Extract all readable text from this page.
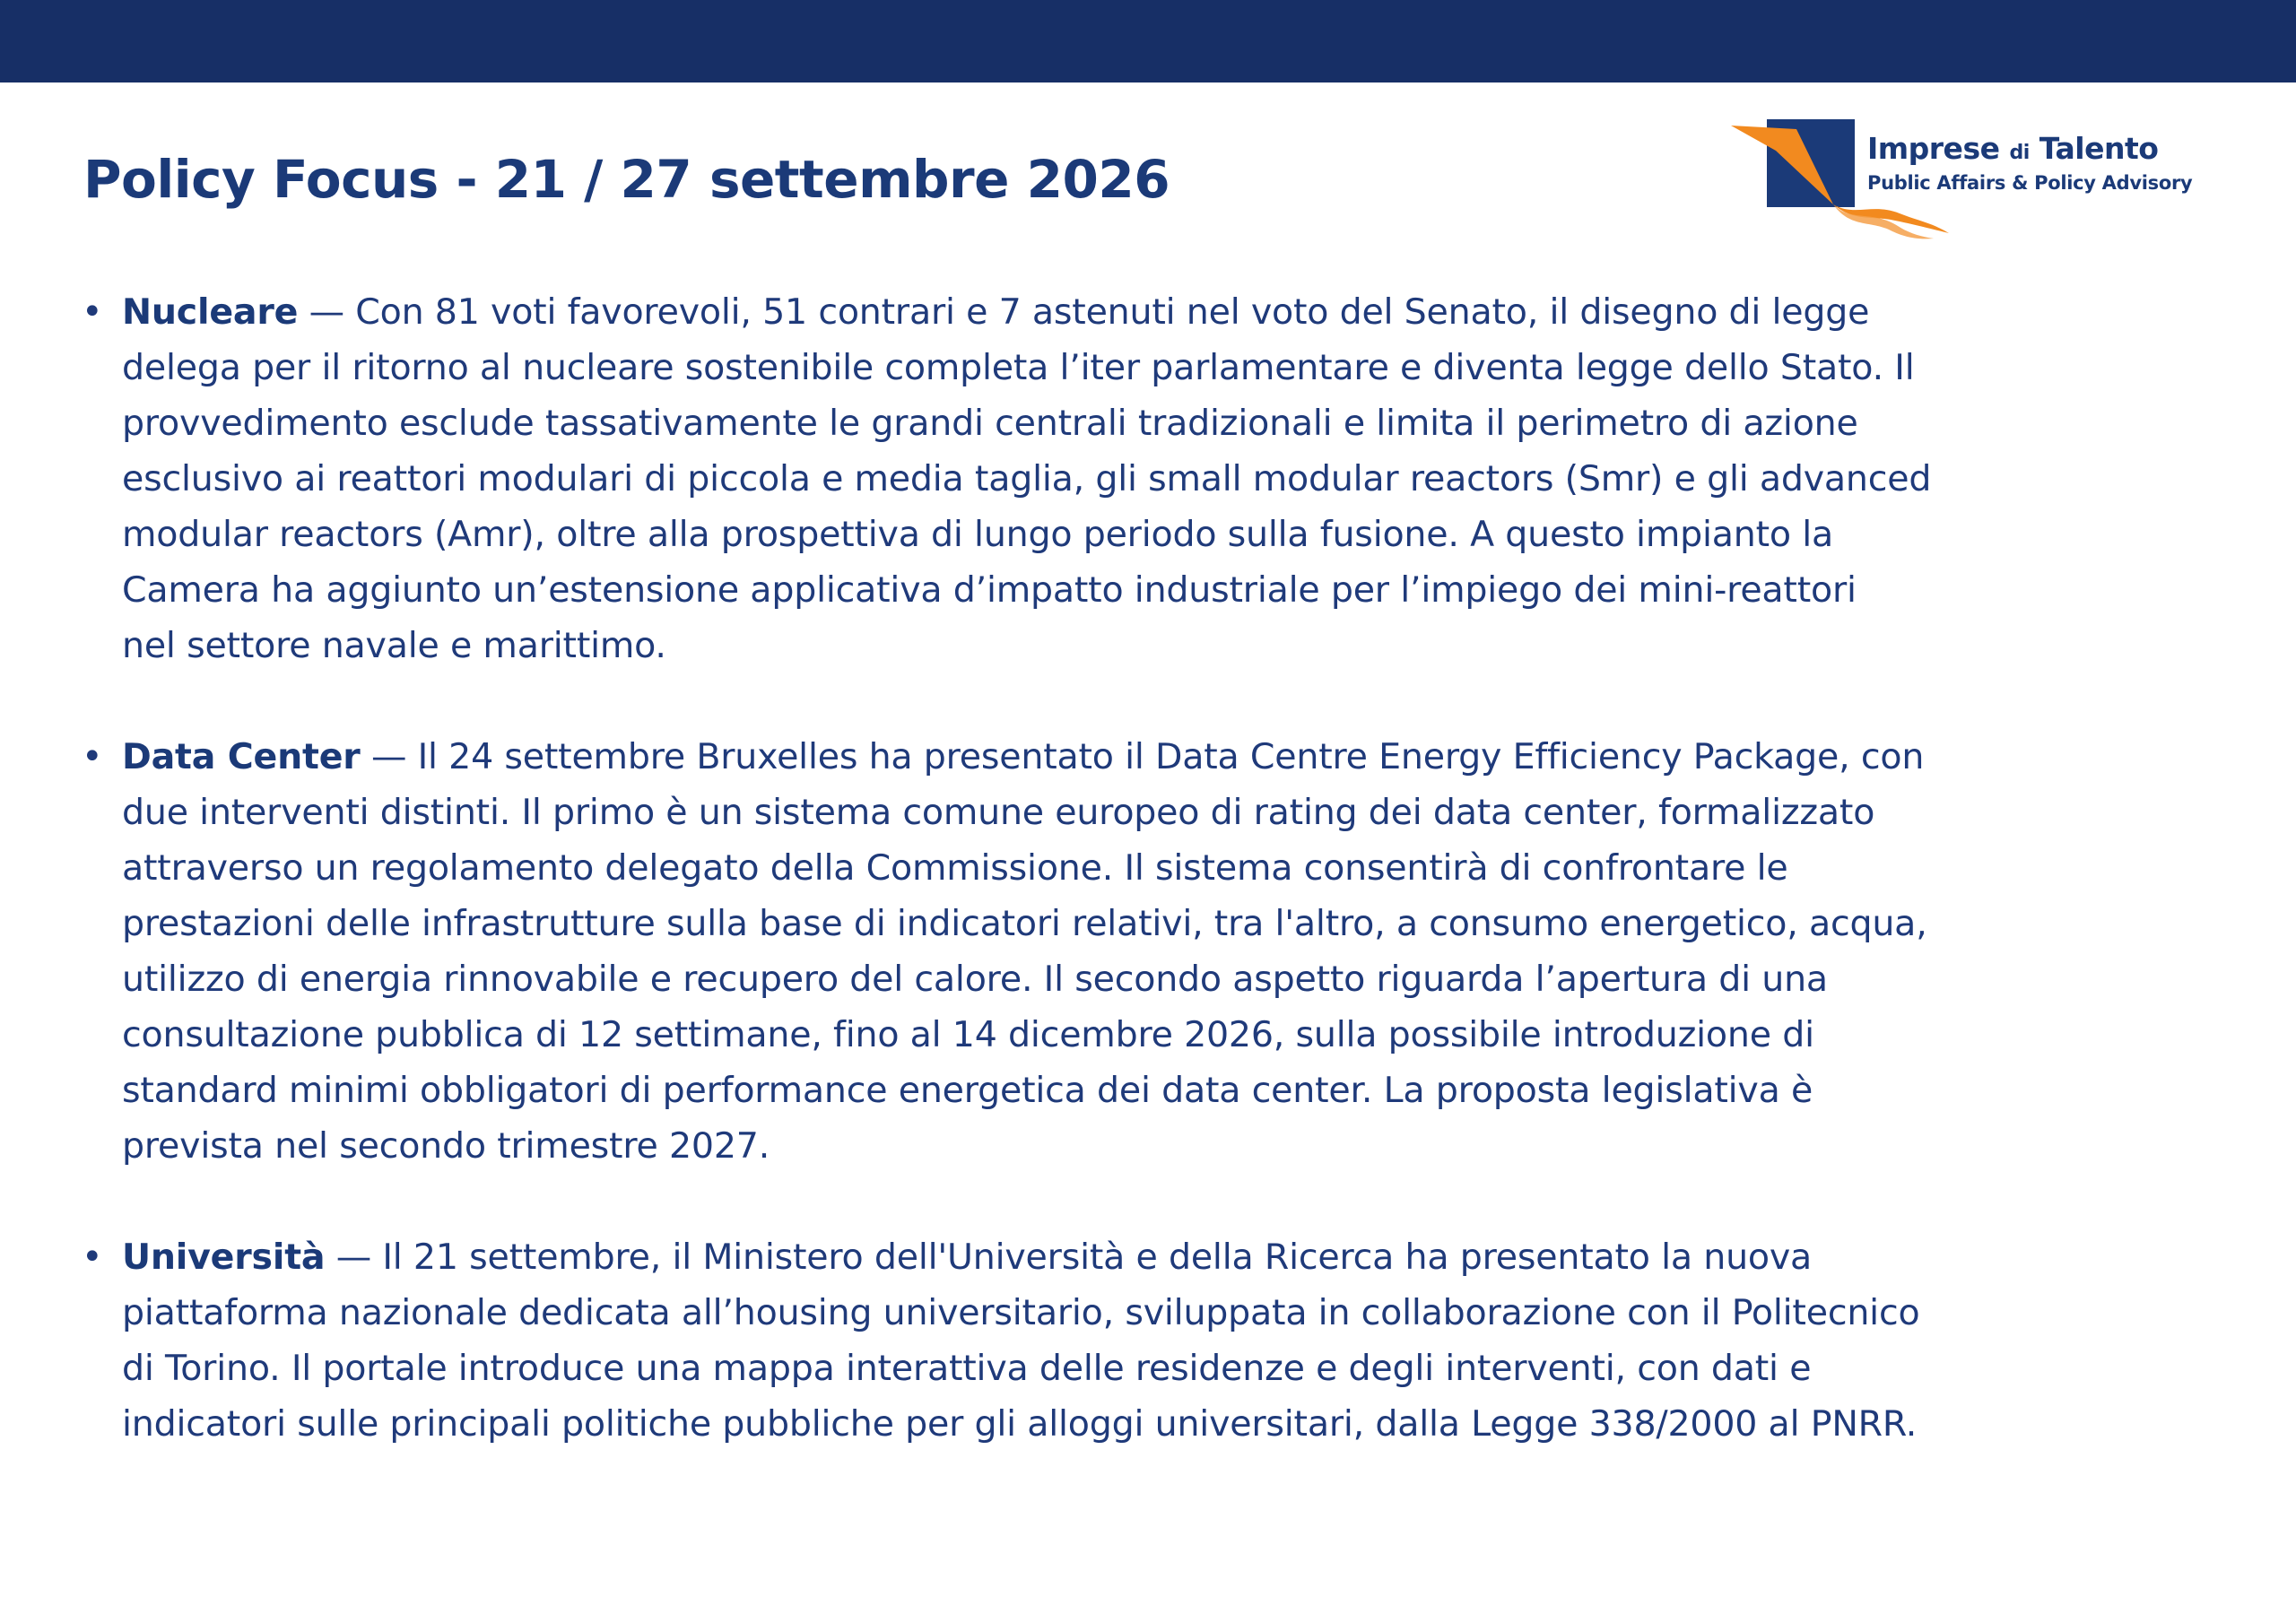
Policy Focus - 21 / 27 settembre 2026
Imprese di Talento
Public Affairs & Policy Advisory
• Nucleare — Con 81 voti favorevoli, 51 contrari e 7 astenuti nel voto del Senato, il disegno di legge
delega per il ritorno al nucleare sostenibile completa l’iter parlamentare e diventa legge dello Stato. Il
provvedimento esclude tassativamente le grandi centrali tradizionali e limita il perimetro di azione
esclusivo ai reattori modulari di piccola e media taglia, gli small modular reactors (Smr) e gli advanced
modular reactors (Amr), oltre alla prospettiva di lungo periodo sulla fusione. A questo impianto la
Camera ha aggiunto un’estensione applicativa d’impatto industriale per l’impiego dei mini-reattori
nel settore navale e marittimo.
• Data Center — Il 24 settembre Bruxelles ha presentato il Data Centre Energy Efficiency Package, con
due interventi distinti. Il primo è un sistema comune europeo di rating dei data center, formalizzato
attraverso un regolamento delegato della Commissione. Il sistema consentirà di confrontare le
prestazioni delle infrastrutture sulla base di indicatori relativi, tra l'altro, a consumo energetico, acqua,
utilizzo di energia rinnovabile e recupero del calore. Il secondo aspetto riguarda l’apertura di una
consultazione pubblica di 12 settimane, fino al 14 dicembre 2026, sulla possibile introduzione di
standard minimi obbligatori di performance energetica dei data center. La proposta legislativa è
prevista nel secondo trimestre 2027.
• Università — Il 21 settembre, il Ministero dell'Università e della Ricerca ha presentato la nuova
piattaforma nazionale dedicata all’housing universitario, sviluppata in collaborazione con il Politecnico
di Torino. Il portale introduce una mappa interattiva delle residenze e degli interventi, con dati e
indicatori sulle principali politiche pubbliche per gli alloggi universitari, dalla Legge 338/2000 al PNRR.
